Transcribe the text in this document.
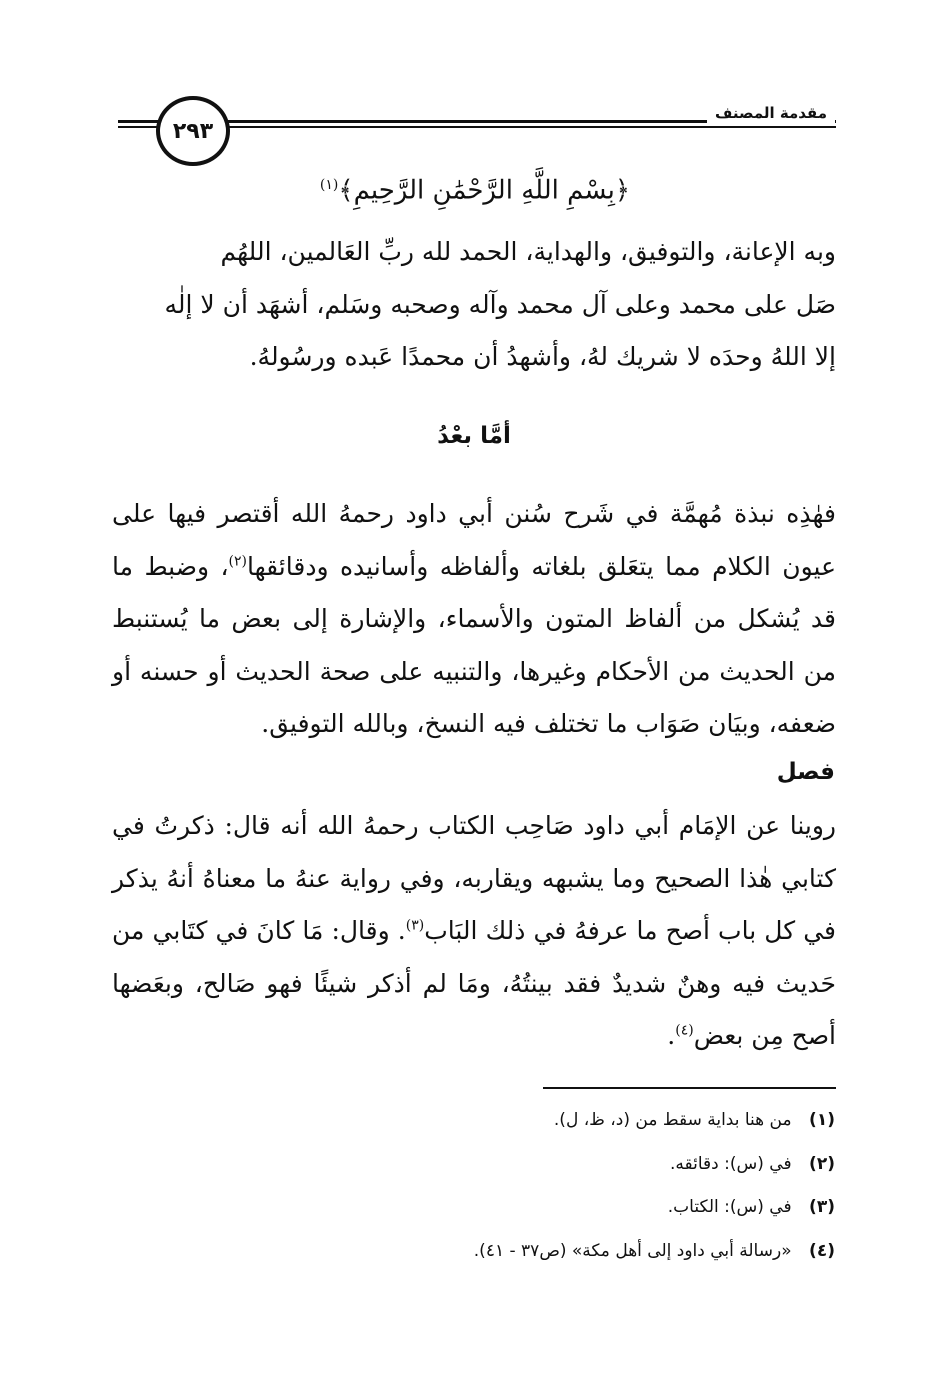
مقدمة المصنف
٢٩٣
﴿بِسْمِ اللَّهِ الرَّحْمَٰنِ الرَّحِيمِ﴾$^{(١)}$
وبه الإعانة، والتوفيق، والهداية، الحمد لله ربِّ العَالمين، اللهُم
صَل على محمد وعلى آل محمد وآله وصحبه وسَلم، أشهَد أن لا إلٰه
إلا اللهُ وحدَه لا شريك لهُ، وأشهدُ أن محمدًا عَبده ورسُولهُ.
أمَّا بعْدُ
فهٰذِه نبذة مُهمَّة في شَرح سُنن أبي داود رحمهُ الله أقتصر فيها على عيون الكلام مما يتعَلق بلغاته وألفاظه وأسانيده ودقائقها$^{(٢)}$، وضبط ما قد يُشكل من ألفاظ المتون والأسماء، والإشارة إلى بعض ما يُستنبط من الحديث من الأحكام وغيرها، والتنبيه على صحة الحديث أو حسنه أو ضعفه، وبيَان صَوَاب ما تختلف فيه النسخ، وبالله التوفيق.
فصل
روينا عن الإمَام أبي داود صَاحِب الكتاب رحمهُ الله أنه قال: ذكرتُ في كتابي هٰذا الصحيح وما يشبهه ويقاربه، وفي رواية عنهُ ما معناهُ أنهُ يذكر في كل باب أصح ما عرفهُ في ذلك البَاب$^{(٣)}$. وقال: مَا كانَ في كتَابي من حَديث فيه وهنٌ شديدٌ فقد بينتُهُ، ومَا لم أذكر شيئًا فهو صَالح، وبعَضها أصح مِن بعض$^{(٤)}$.
(١) من هنا بداية سقط من (د، ظ، ل).
(٢) في (س): دقائقه.
(٣) في (س): الكتاب.
(٤) «رسالة أبي داود إلى أهل مكة» (ص٣٧ - ٤١).
